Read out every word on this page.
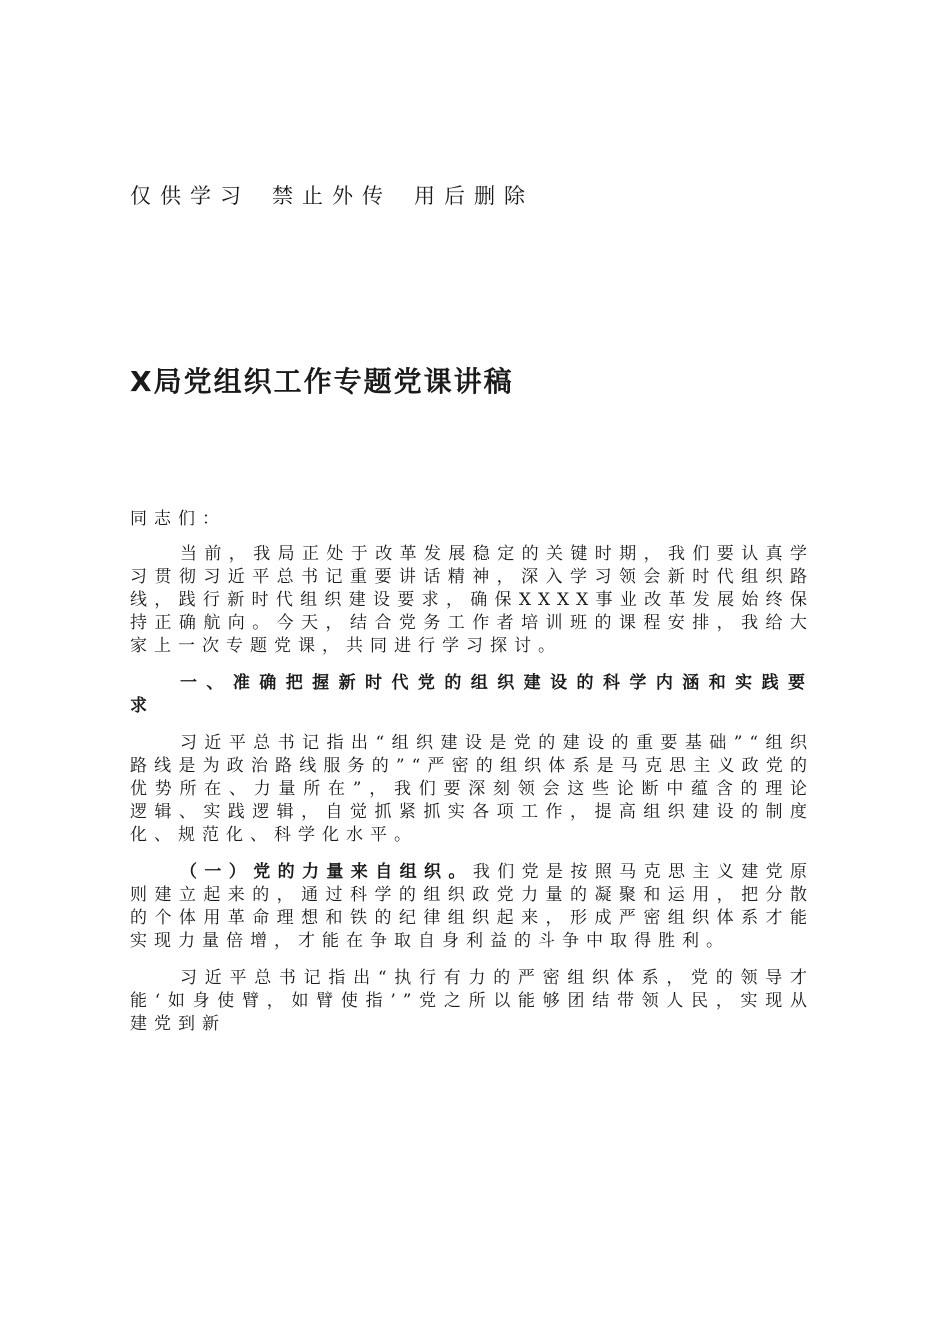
仅供学习 禁止外传 用后删除
X局党组织工作专题党课讲稿

同志们：

当前，我局正处于改革发展稳定的关键时期，我们要认真学习贯彻习近平总书记重要讲话精神，深入学习领会新时代组织路线，践行新时代组织建设要求，确保XXXX事业改革发展始终保持正确航向。今天，结合党务工作者培训班的课程安排，我给大家上一次专题党课，共同进行学习探讨。

一、准确把握新时代党的组织建设的科学内涵和实践要求

习近平总书记指出“组织建设是党的建设的重要基础”“组织路线是为政治路线服务的”“严密的组织体系是马克思主义政党的优势所在、力量所在”，我们要深刻领会这些论断中蕴含的理论逻辑、实践逻辑，自觉抓紧抓实各项工作，提高组织建设的制度化、规范化、科学化水平。

（一）党的力量来自组织。我们党是按照马克思主义建党原则建立起来的，通过科学的组织政党力量的凝聚和运用，把分散的个体用革命理想和铁的纪律组织起来，形成严密组织体系才能实现力量倍增，才能在争取自身利益的斗争中取得胜利。

习近平总书记指出“执行有力的严密组织体系，党的领导才能‘如身使臂，如臂使指’”党之所以能够团结带领人民，实现从建党到新
